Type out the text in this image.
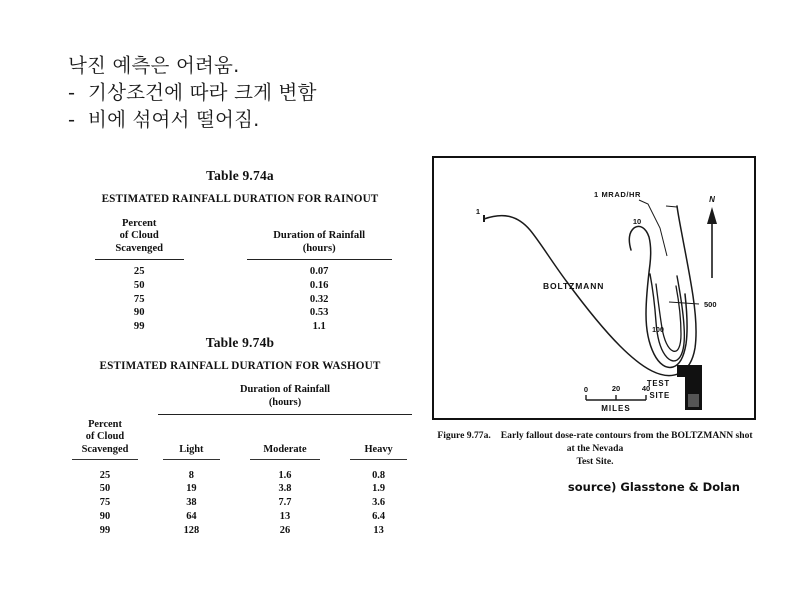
낙진 예측은 어려움.
-  기상조건에 따라 크게 변함
-  비에 섞여서 떨어짐.
Table 9.74a
ESTIMATED RAINFALL DURATION FOR RAINOUT
Percent
of Cloud
Scavenged	Duration of Rainfall
(hours)

25	0.07
50	0.16
75	0.32
90	0.53
99	1.1
Table 9.74b
ESTIMATED RAINFALL DURATION FOR WASHOUT

	Duration of Rainfall
(hours)		

Percent
of Cloud
Scavenged	Light	Moderate	Heavy

25	8	1.6	0.8
50	19	3.8	1.9
75	38	7.7	3.6
90	64	13	6.4
99	128	26	13
N
0	20	40
MILES
BOLTZMANN
1 MRAD/HR
1
10
100
500
TEST
SITE
Figure 9.77a. Early fallout dose-rate contours from the BOLTZMANN shot at the Nevada
Test Site.
source) Glasstone & Dolan
